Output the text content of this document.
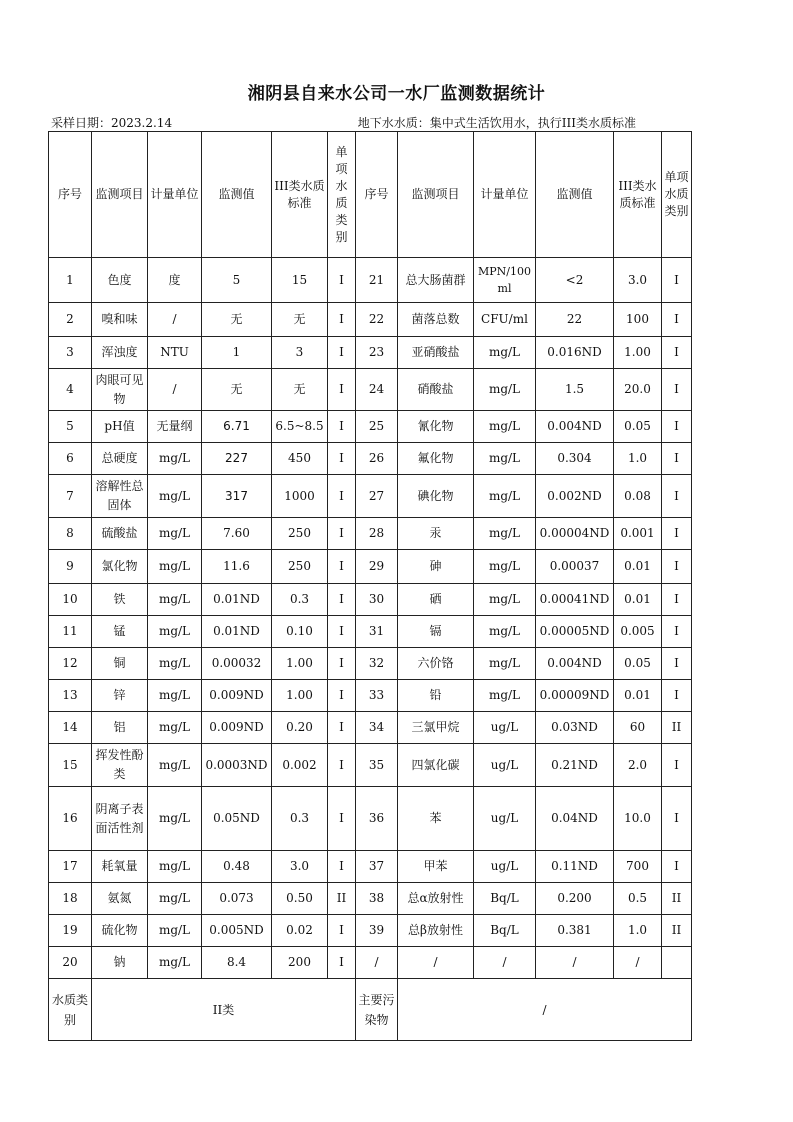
湘阴县自来水公司一水厂监测数据统计
采样日期：2023.2.14	地下水水质：集中式生活饮用水，执行III类水质标准
序号	监测项目	计量单位	监测值	III类水质标准	单项水质类别	序号	监测项目	计量单位	监测值	III类水质标准	单项水质类别
1	色度	度	5	15	I	21	总大肠菌群	MPN/100ml	<2	3.0	I
2	嗅和味	/	无	无	I	22	菌落总数	CFU/ml	22	100	I
3	浑浊度	NTU	1	3	I	23	亚硝酸盐	mg/L	0.016ND	1.00	I
4	肉眼可见物	/	无	无	I	24	硝酸盐	mg/L	1.5	20.0	I
5	pH值	无量纲	6.71	6.5~8.5	I	25	氰化物	mg/L	0.004ND	0.05	I
6	总硬度	mg/L	227	450	I	26	氟化物	mg/L	0.304	1.0	I
7	溶解性总固体	mg/L	317	1000	I	27	碘化物	mg/L	0.002ND	0.08	I
8	硫酸盐	mg/L	7.60	250	I	28	汞	mg/L	0.00004ND	0.001	I
9	氯化物	mg/L	11.6	250	I	29	砷	mg/L	0.00037	0.01	I
10	铁	mg/L	0.01ND	0.3	I	30	硒	mg/L	0.00041ND	0.01	I
11	锰	mg/L	0.01ND	0.10	I	31	镉	mg/L	0.00005ND	0.005	I
12	铜	mg/L	0.00032	1.00	I	32	六价铬	mg/L	0.004ND	0.05	I
13	锌	mg/L	0.009ND	1.00	I	33	铅	mg/L	0.00009ND	0.01	I
14	铝	mg/L	0.009ND	0.20	I	34	三氯甲烷	ug/L	0.03ND	60	II
15	挥发性酚类	mg/L	0.0003ND	0.002	I	35	四氯化碳	ug/L	0.21ND	2.0	I
16	阴离子表面活性剂	mg/L	0.05ND	0.3	I	36	苯	ug/L	0.04ND	10.0	I
17	耗氧量	mg/L	0.48	3.0	I	37	甲苯	ug/L	0.11ND	700	I
18	氨氮	mg/L	0.073	0.50	II	38	总α放射性	Bq/L	0.200	0.5	II
19	硫化物	mg/L	0.005ND	0.02	I	39	总β放射性	Bq/L	0.381	1.0	II
20	钠	mg/L	8.4	200	I	/	/	/	/	/	
水质类别	II类					主要污染物	/				
